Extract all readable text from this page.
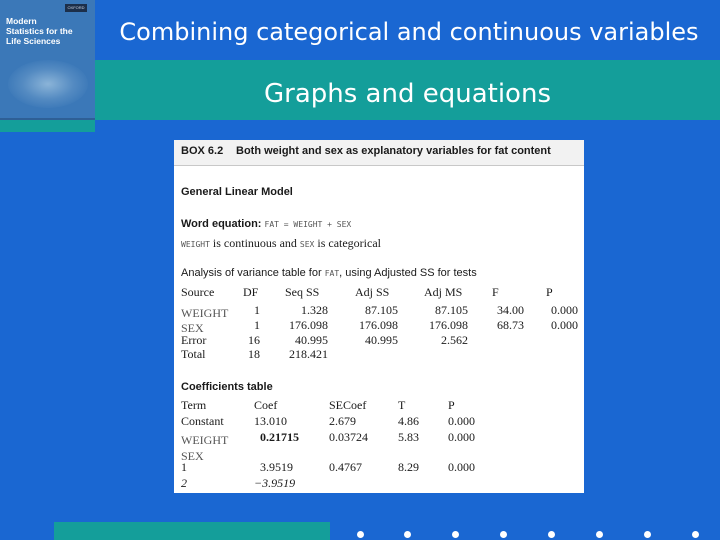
OXFORD
Modern
Statistics for the
Life Sciences	Combining categorical and continuous variables
Graphs and equations
BOX 6.2 Both weight and sex as explanatory variables for fat content
General Linear Model
Word equation: FAT = WEIGHT + SEX
WEIGHT is continuous and SEX is categorical
Analysis of variance table for FAT, using Adjusted SS for tests
Source DF Seq SS	Adj SS	Adj MS F	P
WEIGHT	1	1.328	87.105	87.105	34.00	0.000
SEX	1	176.098	176.098	176.098	68.73	0.000
Error	16	40.995	40.995	2.562
Total	18	218.421
Coefficients table
Term	Coef	SECoef	T	P
Constant	13.010	2.679	4.86 0.000
WEIGHT	0.21715	0.03724	5.83 0.000
SEX
1	3.9519	0.4767	8.29 0.000
2	−3.9519
